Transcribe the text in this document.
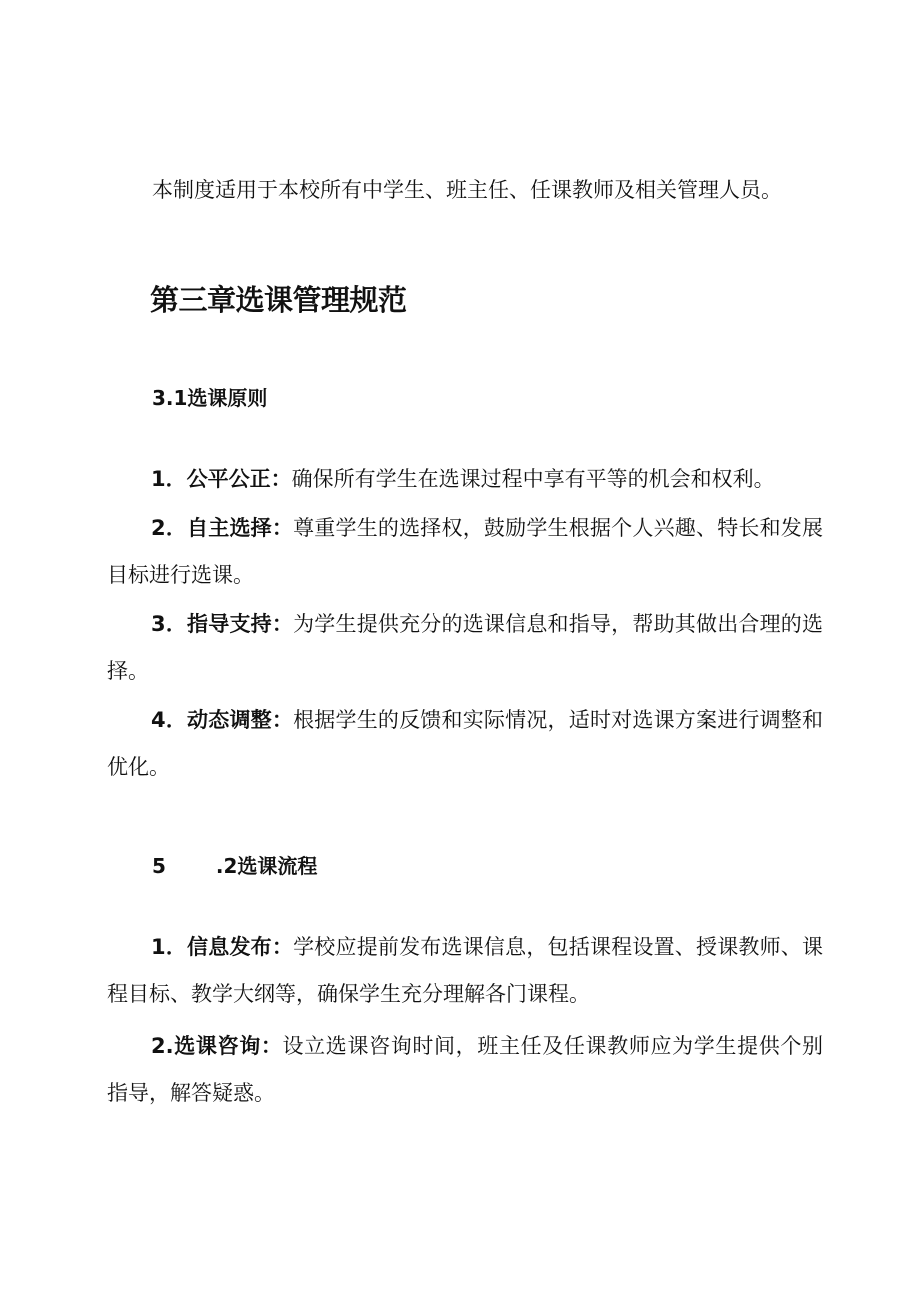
本制度适用于本校所有中学生、班主任、任课教师及相关管理人员。
第三章选课管理规范
3.1选课原则
1．公平公正：确保所有学生在选课过程中享有平等的机会和权利。
2．自主选择：尊重学生的选择权，鼓励学生根据个人兴趣、特长和发展目标进行选课。
3．指导支持：为学生提供充分的选课信息和指导，帮助其做出合理的选择。
4．动态调整：根据学生的反馈和实际情况，适时对选课方案进行调整和优化。
5	.2选课流程
1．信息发布：学校应提前发布选课信息，包括课程设置、授课教师、课程目标、教学大纲等，确保学生充分理解各门课程。
2.选课咨询：设立选课咨询时间，班主任及任课教师应为学生提供个别指导，解答疑惑。
